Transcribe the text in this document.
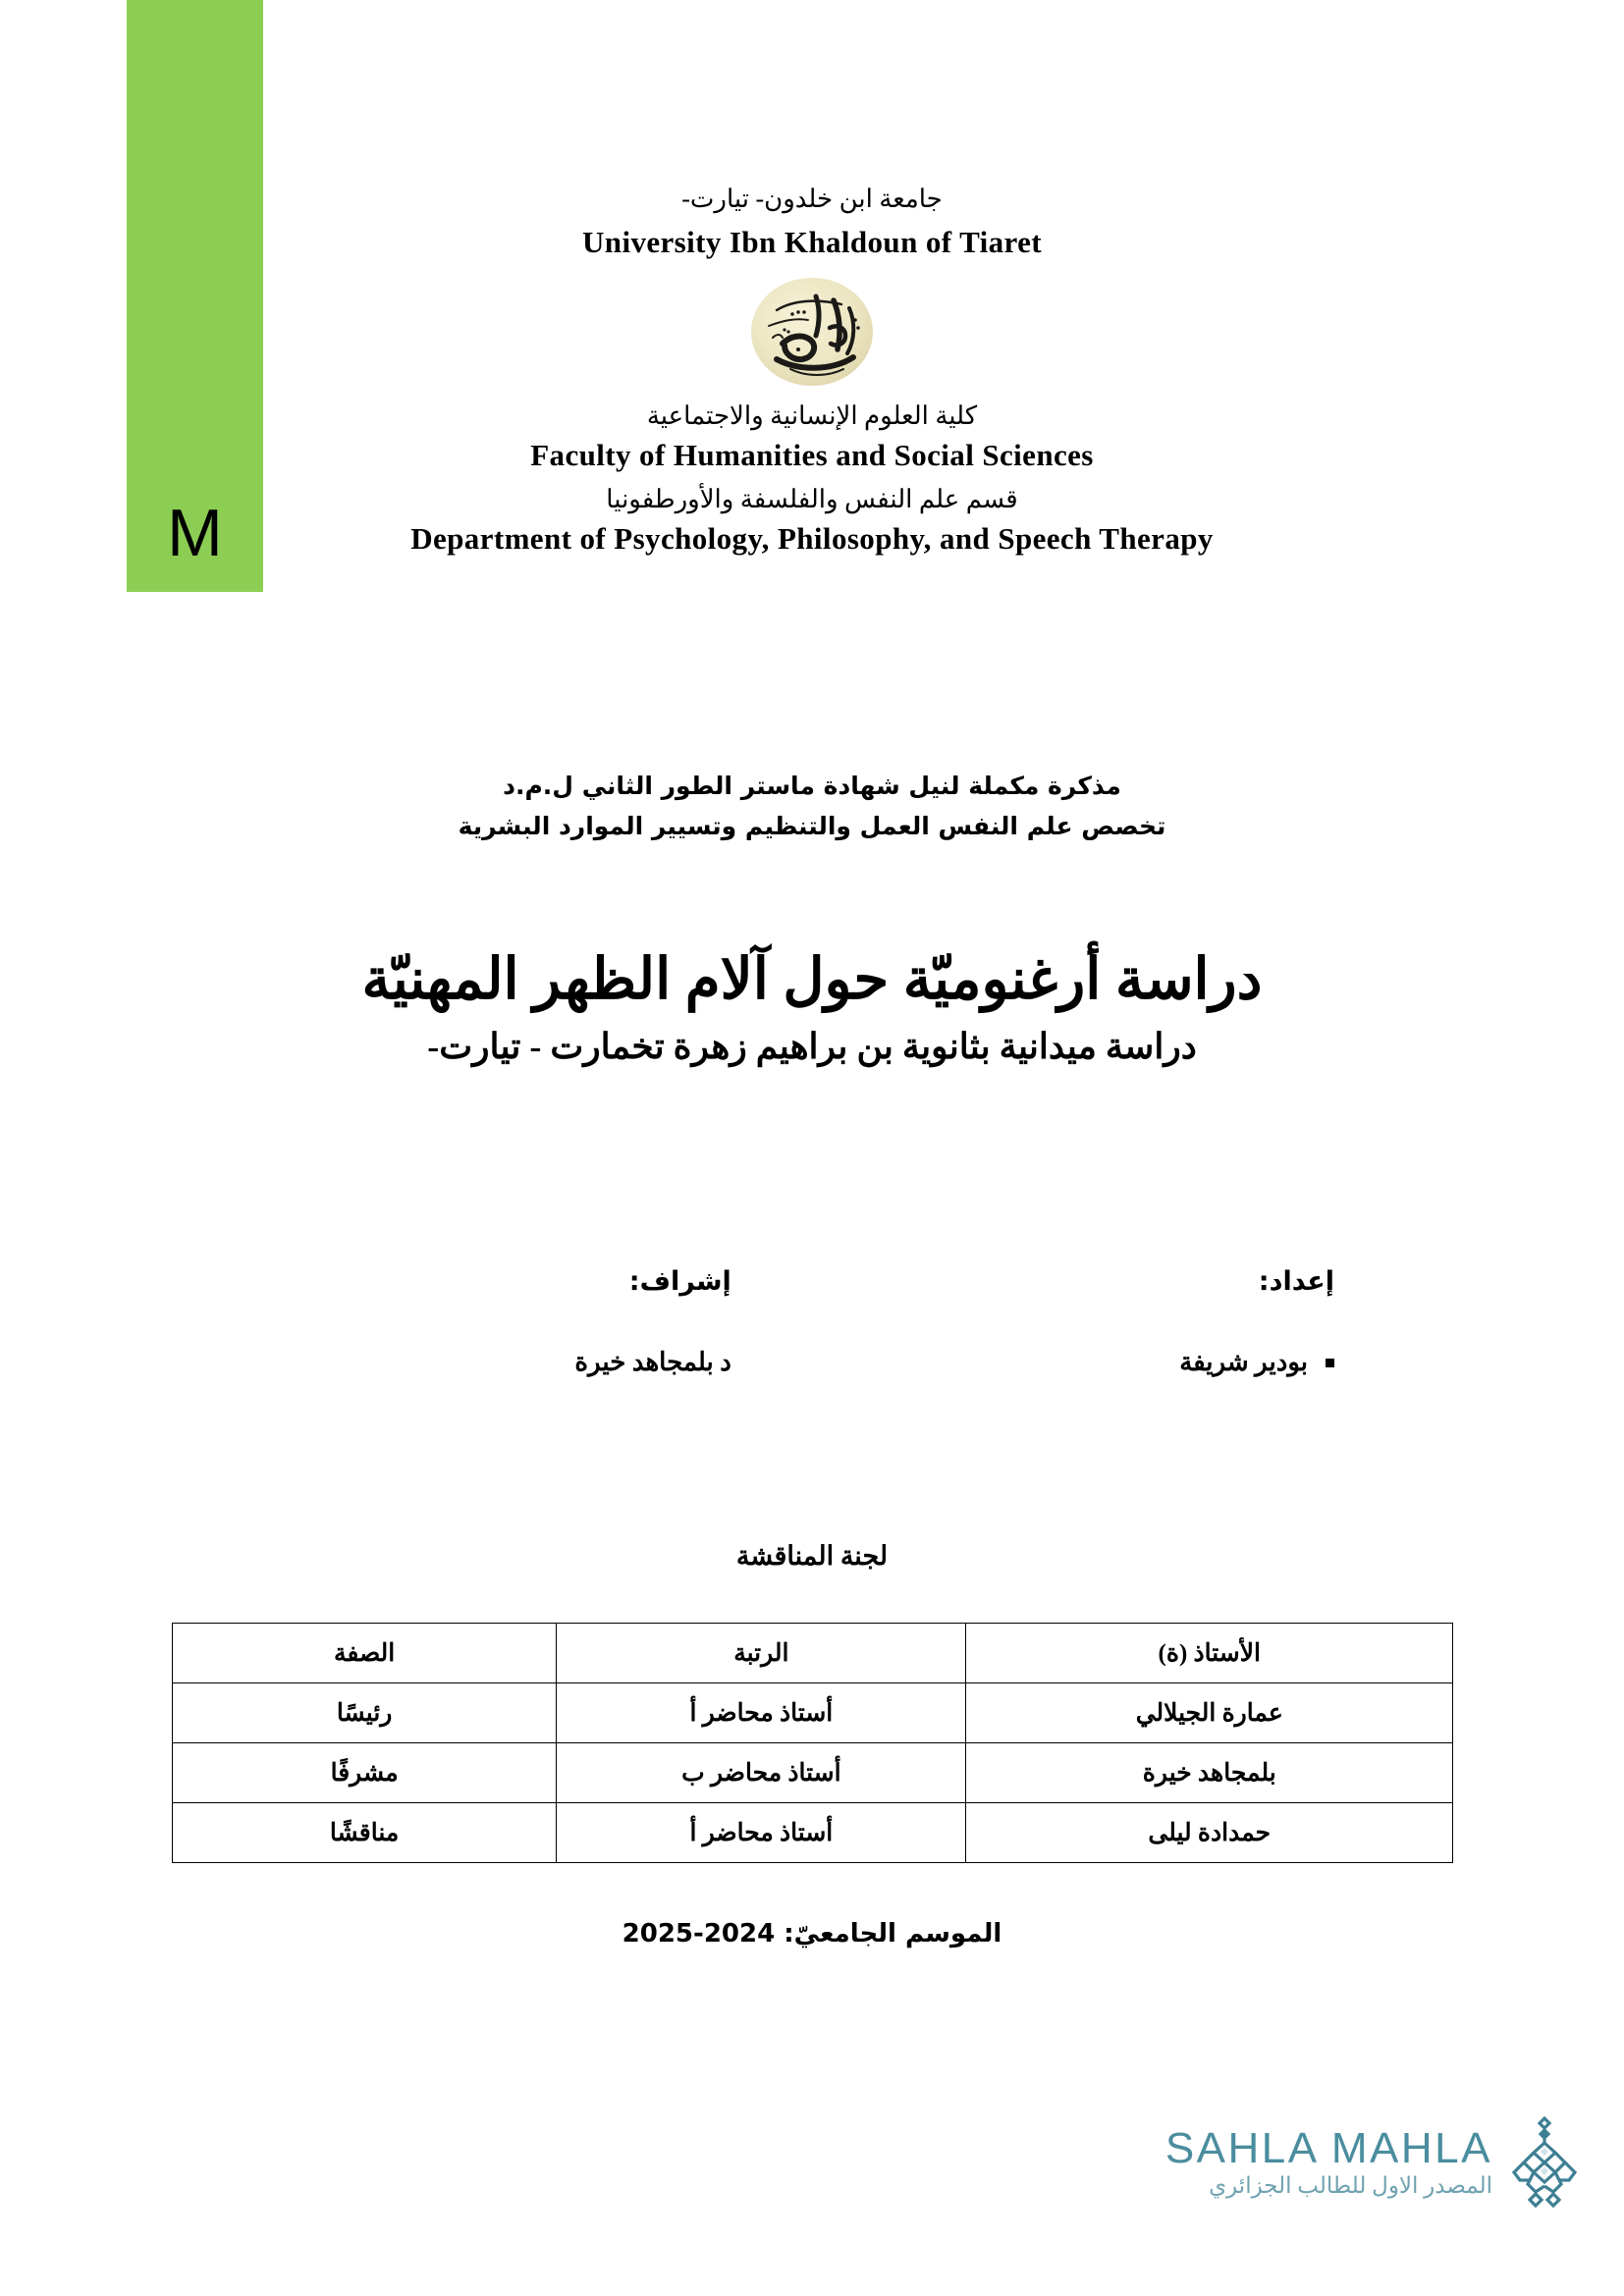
M
جامعة ابن خلدون- تيارت-
University Ibn Khaldoun of Tiaret
كلية العلوم الإنسانية والاجتماعية
Faculty of Humanities and Social Sciences
قسم علم النفس والفلسفة والأورطفونيا
Department of Psychology, Philosophy, and Speech Therapy
مذكرة مكملة لنيل شهادة ماستر الطور الثاني ل.م.د
تخصص علم النفس العمل والتنظيم وتسيير الموارد البشرية
دراسة أرغنوميّة حول آلام الظهر المهنيّة
دراسة ميدانية بثانوية بن براهيم زهرة تخمارت - تيارت-
إعداد:
بودير شريفة
إشراف:
د بلمجاهد خيرة
لجنة المناقشة
الأستاذ (ة)	الرتبة	الصفة
عمارة الجيلالي	أستاذ محاضر أ	رئيسًا
بلمجاهد خيرة	أستاذ محاضر ب	مشرفًا
حمدادة ليلى	أستاذ محاضر أ	مناقشًا
الموسم الجامعيّ: 2024-2025
SAHLA MAHLA
المصدر الاول للطالب الجزائري
